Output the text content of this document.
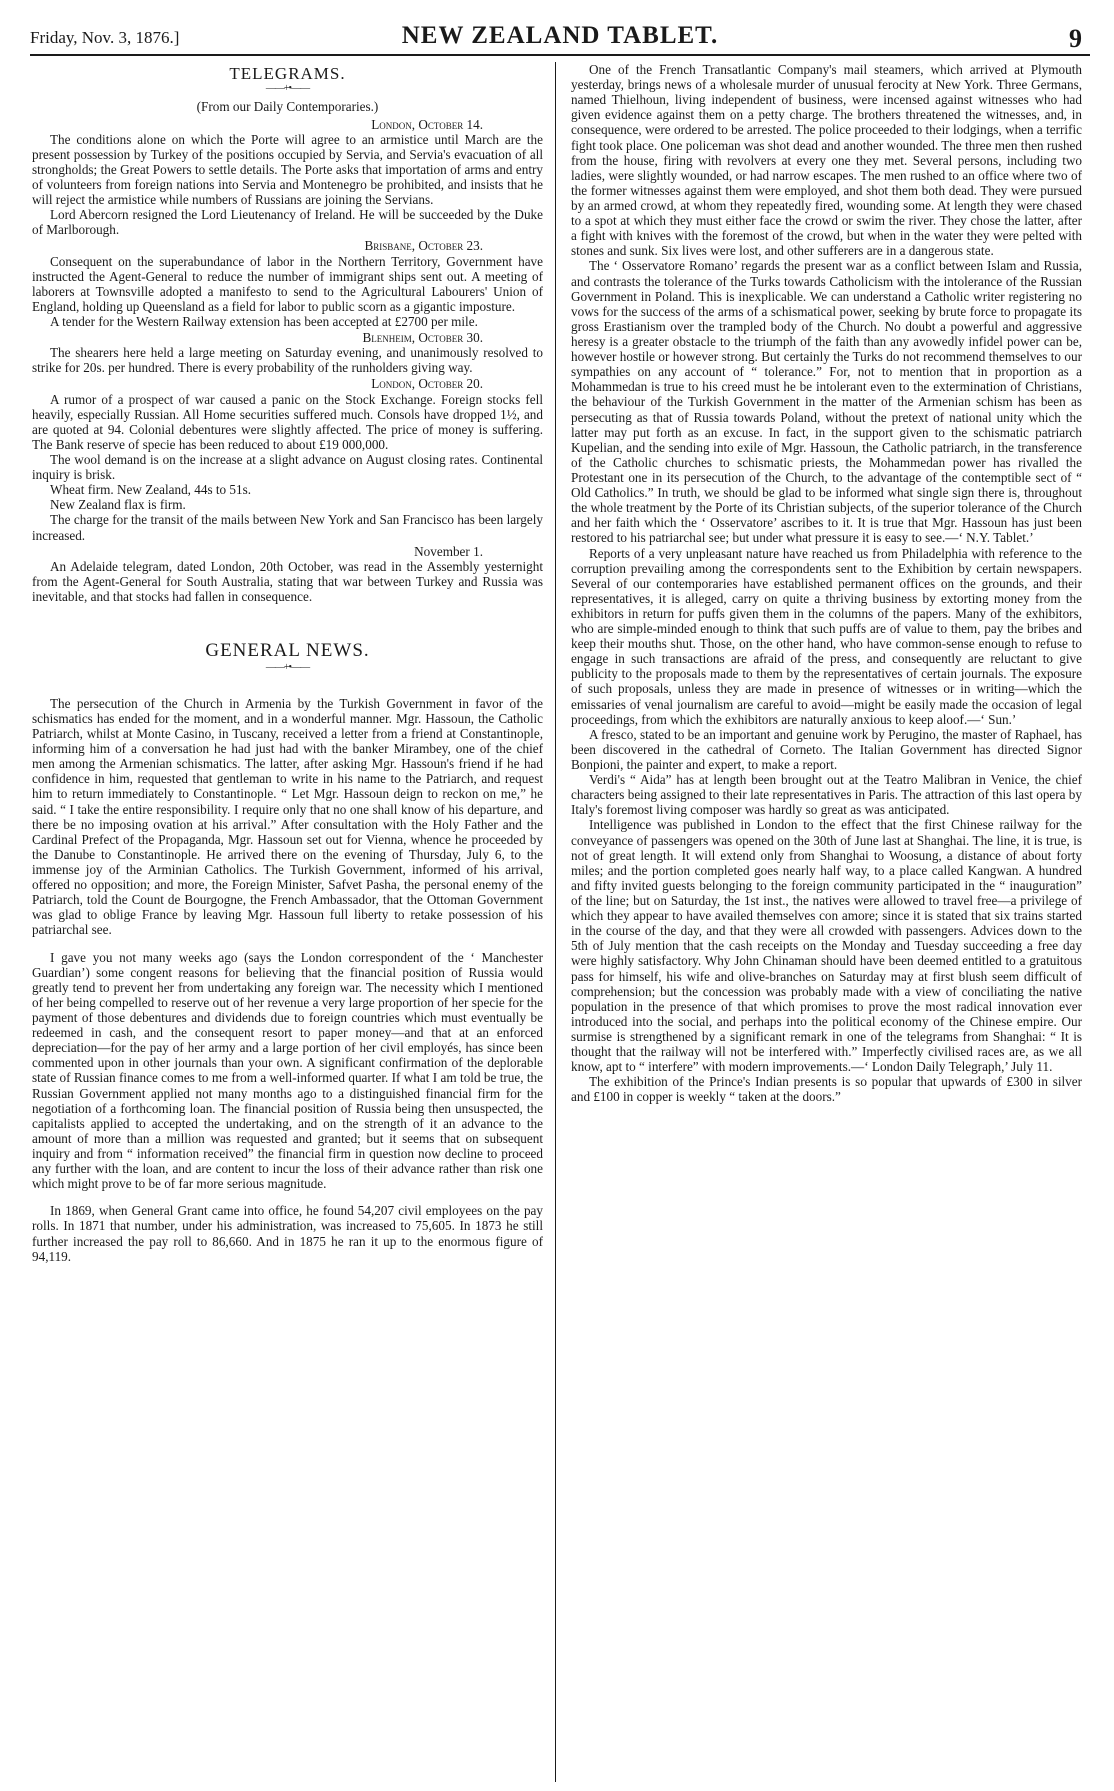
Friday, Nov. 3, 1876.]	NEW ZEALAND TABLET.	9
TELEGRAMS.
——+•——
(From our Daily Contemporaries.)
London, October 14.

The conditions alone on which the Porte will agree to an armistice until March are the present possession by Turkey of the positions occupied by Servia, and Servia's evacuation of all strongholds; the Great Powers to settle details. The Porte asks that importation of arms and entry of volunteers from foreign nations into Servia and Montenegro be prohibited, and insists that he will reject the armistice while numbers of Russians are joining the Servians.

Lord Abercorn resigned the Lord Lieutenancy of Ireland. He will be succeeded by the Duke of Marlborough.

Brisbane, October 23.

Consequent on the superabundance of labor in the Northern Territory, Government have instructed the Agent-General to reduce the number of immigrant ships sent out. A meeting of laborers at Townsville adopted a manifesto to send to the Agricultural Labourers' Union of England, holding up Queensland as a field for labor to public scorn as a gigantic imposture.

A tender for the Western Railway extension has been accepted at £2700 per mile.

Blenheim, October 30.

The shearers here held a large meeting on Saturday evening, and unanimously resolved to strike for 20s. per hundred. There is every probability of the runholders giving way.

London, October 20.

A rumor of a prospect of war caused a panic on the Stock Exchange. Foreign stocks fell heavily, especially Russian. All Home securities suffered much. Consols have dropped 1½, and are quoted at 94. Colonial debentures were slightly affected. The price of money is suffering. The Bank reserve of specie has been reduced to about £19 000,000.

The wool demand is on the increase at a slight advance on August closing rates. Continental inquiry is brisk.

Wheat firm. New Zealand, 44s to 51s.

New Zealand flax is firm.

The charge for the transit of the mails between New York and San Francisco has been largely increased.

November 1.

An Adelaide telegram, dated London, 20th October, was read in the Assembly yesternight from the Agent-General for South Australia, stating that war between Turkey and Russia was inevitable, and that stocks had fallen in consequence.

GENERAL NEWS.
——+•——

The persecution of the Church in Armenia by the Turkish Government in favor of the schismatics has ended for the moment, and in a wonderful manner. Mgr. Hassoun, the Catholic Patriarch, whilst at Monte Casino, in Tuscany, received a letter from a friend at Constantinople, informing him of a conversation he had just had with the banker Mirambey, one of the chief men among the Armenian schismatics. The latter, after asking Mgr. Hassoun's friend if he had confidence in him, requested that gentleman to write in his name to the Patriarch, and request him to return immediately to Constantinople. “ Let Mgr. Hassoun deign to reckon on me,” he said. “ I take the entire responsibility. I require only that no one shall know of his departure, and there be no imposing ovation at his arrival.” After consultation with the Holy Father and the Cardinal Prefect of the Propaganda, Mgr. Hassoun set out for Vienna, whence he proceeded by the Danube to Constantinople. He arrived there on the evening of Thursday, July 6, to the immense joy of the Arminian Catholics. The Turkish Government, informed of his arrival, offered no opposition; and more, the Foreign Minister, Safvet Pasha, the personal enemy of the Patriarch, told the Count de Bourgogne, the French Ambassador, that the Ottoman Government was glad to oblige France by leaving Mgr. Hassoun full liberty to retake possession of his patriarchal see.

I gave you not many weeks ago (says the London correspondent of the ‘ Manchester Guardian’) some congent reasons for believing that the financial position of Russia would greatly tend to prevent her from undertaking any foreign war. The necessity which I mentioned of her being compelled to reserve out of her revenue a very large proportion of her specie for the payment of those debentures and dividends due to foreign countries which must eventually be redeemed in cash, and the consequent resort to paper money—and that at an enforced depreciation—for the pay of her army and a large portion of her civil employés, has since been commented upon in other journals than your own. A significant confirmation of the deplorable state of Russian finance comes to me from a well-informed quarter. If what I am told be true, the Russian Government applied not many months ago to a distinguished financial firm for the negotiation of a forthcoming loan. The financial position of Russia being then unsuspected, the capitalists applied to accepted the undertaking, and on the strength of it an advance to the amount of more than a million was requested and granted; but it seems that on subsequent inquiry and from “ information received” the financial firm in question now decline to proceed any further with the loan, and are content to incur the loss of their advance rather than risk one which might prove to be of far more serious magnitude.

In 1869, when General Grant came into office, he found 54,207 civil employees on the pay rolls. In 1871 that number, under his administration, was increased to 75,605. In 1873 he still further increased the pay roll to 86,660. And in 1875 he ran it up to the enormous figure of 94,119.

One of the French Transatlantic Company's mail steamers, which arrived at Plymouth yesterday, brings news of a wholesale murder of unusual ferocity at New York. Three Germans, named Thielhoun, living independent of business, were incensed against witnesses who had given evidence against them on a petty charge. The brothers threatened the witnesses, and, in consequence, were ordered to be arrested. The police proceeded to their lodgings, when a terrific fight took place. One policeman was shot dead and another wounded. The three men then rushed from the house, firing with revolvers at every one they met. Several persons, including two ladies, were slightly wounded, or had narrow escapes. The men rushed to an office where two of the former witnesses against them were employed, and shot them both dead. They were pursued by an armed crowd, at whom they repeatedly fired, wounding some. At length they were chased to a spot at which they must either face the crowd or swim the river. They chose the latter, after a fight with knives with the foremost of the crowd, but when in the water they were pelted with stones and sunk. Six lives were lost, and other sufferers are in a dangerous state.

The ‘ Osservatore Romano’ regards the present war as a conflict between Islam and Russia, and contrasts the tolerance of the Turks towards Catholicism with the intolerance of the Russian Government in Poland. This is inexplicable. We can understand a Catholic writer registering no vows for the success of the arms of a schismatical power, seeking by brute force to propagate its gross Erastianism over the trampled body of the Church. No doubt a powerful and aggressive heresy is a greater obstacle to the triumph of the faith than any avowedly infidel power can be, however hostile or however strong. But certainly the Turks do not recommend themselves to our sympathies on any account of “ tolerance.” For, not to mention that in proportion as a Mohammedan is true to his creed must he be intolerant even to the extermination of Christians, the behaviour of the Turkish Government in the matter of the Armenian schism has been as persecuting as that of Russia towards Poland, without the pretext of national unity which the latter may put forth as an excuse. In fact, in the support given to the schismatic patriarch Kupelian, and the sending into exile of Mgr. Hassoun, the Catholic patriarch, in the transference of the Catholic churches to schismatic priests, the Mohammedan power has rivalled the Protestant one in its persecution of the Church, to the advantage of the contemptible sect of “ Old Catholics.” In truth, we should be glad to be informed what single sign there is, throughout the whole treatment by the Porte of its Christian subjects, of the superior tolerance of the Church and her faith which the ‘ Osservatore’ ascribes to it. It is true that Mgr. Hassoun has just been restored to his patriarchal see; but under what pressure it is easy to see.—‘ N.Y. Tablet.’

Reports of a very unpleasant nature have reached us from Philadelphia with reference to the corruption prevailing among the correspondents sent to the Exhibition by certain newspapers. Several of our contemporaries have established permanent offices on the grounds, and their representatives, it is alleged, carry on quite a thriving business by extorting money from the exhibitors in return for puffs given them in the columns of the papers. Many of the exhibitors, who are simple-minded enough to think that such puffs are of value to them, pay the bribes and keep their mouths shut. Those, on the other hand, who have common-sense enough to refuse to engage in such transactions are afraid of the press, and consequently are reluctant to give publicity to the proposals made to them by the representatives of certain journals. The exposure of such proposals, unless they are made in presence of witnesses or in writing—which the emissaries of venal journalism are careful to avoid—might be easily made the occasion of legal proceedings, from which the exhibitors are naturally anxious to keep aloof.—‘ Sun.’

A fresco, stated to be an important and genuine work by Perugino, the master of Raphael, has been discovered in the cathedral of Corneto. The Italian Government has directed Signor Bonpioni, the painter and expert, to make a report.

Verdi's “ Aida” has at length been brought out at the Teatro Malibran in Venice, the chief characters being assigned to their late representatives in Paris. The attraction of this last opera by Italy's foremost living composer was hardly so great as was anticipated.

Intelligence was published in London to the effect that the first Chinese railway for the conveyance of passengers was opened on the 30th of June last at Shanghai. The line, it is true, is not of great length. It will extend only from Shanghai to Woosung, a distance of about forty miles; and the portion completed goes nearly half way, to a place called Kangwan. A hundred and fifty invited guests belonging to the foreign community participated in the “ inauguration” of the line; but on Saturday, the 1st inst., the natives were allowed to travel free—a privilege of which they appear to have availed themselves con amore; since it is stated that six trains started in the course of the day, and that they were all crowded with passengers. Advices down to the 5th of July mention that the cash receipts on the Monday and Tuesday succeeding a free day were highly satisfactory. Why John Chinaman should have been deemed entitled to a gratuitous pass for himself, his wife and olive-branches on Saturday may at first blush seem difficult of comprehension; but the concession was probably made with a view of conciliating the native population in the presence of that which promises to prove the most radical innovation ever introduced into the social, and perhaps into the political economy of the Chinese empire. Our surmise is strengthened by a significant remark in one of the telegrams from Shanghai: “ It is thought that the railway will not be interfered with.” Imperfectly civilised races are, as we all know, apt to “ interfere” with modern improvements.—‘ London Daily Telegraph,’ July 11.

The exhibition of the Prince's Indian presents is so popular that upwards of £300 in silver and £100 in copper is weekly “ taken at the doors.”
